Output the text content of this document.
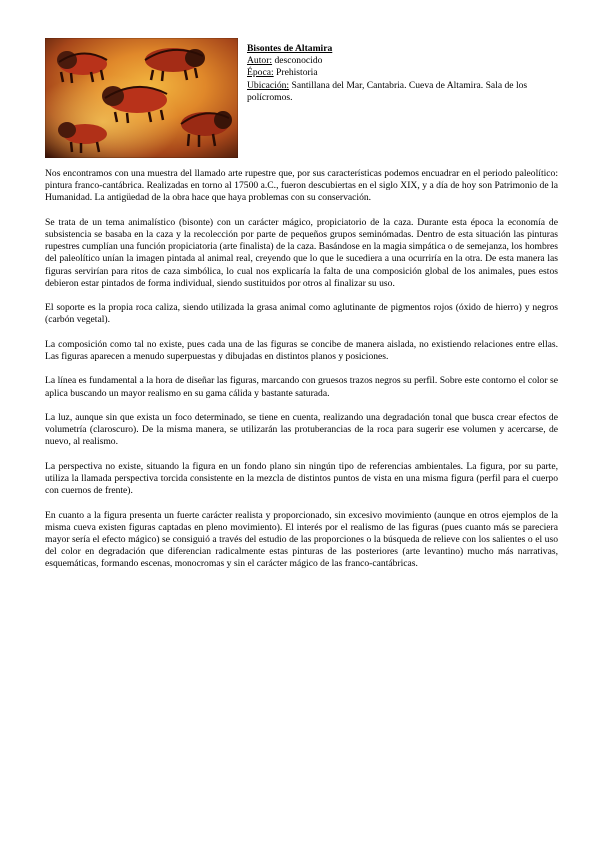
Bisontes de Altamira
Autor: desconocido
Época: Prehistoria
Ubicación: Santillana del Mar, Cantabria. Cueva de Altamira. Sala de los polícromos.

Nos encontramos con una muestra del llamado arte rupestre que, por sus características podemos encuadrar en el periodo paleolítico: pintura franco-cantábrica. Realizadas en torno al 17500 a.C., fueron descubiertas en el siglo XIX, y a día de hoy son Patrimonio de la Humanidad. La antigüedad de la obra hace que haya problemas con su conservación.

Se trata de un tema animalístico (bisonte) con un carácter mágico, propiciatorio de la caza. Durante esta época la economía de subsistencia se basaba en la caza y la recolección por parte de pequeños grupos seminómadas. Dentro de esta situación las pinturas rupestres cumplían una función propiciatoria (arte finalista) de la caza. Basándose en la magia simpática o de semejanza, los hombres del paleolítico unían la imagen pintada al animal real, creyendo que lo que le sucediera a una ocurriría en la otra. De esta manera las figuras servirían para ritos de caza simbólica, lo cual nos explicaría la falta de una composición global de los animales, pues estos debieron estar pintados de forma individual, siendo sustituidos por otros al finalizar su uso.

El soporte es la propia roca caliza, siendo utilizada la grasa animal como aglutinante de pigmentos rojos (óxido de hierro) y negros (carbón vegetal).

La composición como tal no existe, pues cada una de las figuras se concibe de manera aislada, no existiendo relaciones entre ellas. Las figuras aparecen a menudo superpuestas y dibujadas en distintos planos y posiciones.

La línea es fundamental a la hora de diseñar las figuras, marcando con gruesos trazos negros su perfil. Sobre este contorno el color se aplica buscando un mayor realismo en su gama cálida y bastante saturada.

La luz, aunque sin que exista un foco determinado, se tiene en cuenta, realizando una degradación tonal que busca crear efectos de volumetría (claroscuro). De la misma manera, se utilizarán las protuberancias de la roca para sugerir ese volumen y acercarse, de nuevo, al realismo.

La perspectiva no existe, situando la figura en un fondo plano sin ningún tipo de referencias ambientales. La figura, por su parte, utiliza la llamada perspectiva torcida consistente en la mezcla de distintos puntos de vista en una misma figura (perfil para el cuerpo con cuernos de frente).

En cuanto a la figura presenta un fuerte carácter realista y proporcionado, sin excesivo movimiento (aunque en otros ejemplos de la misma cueva existen figuras captadas en pleno movimiento). El interés por el realismo de las figuras (pues cuanto más se pareciera mayor sería el efecto mágico) se consiguió a través del estudio de las proporciones o la búsqueda de relieve con los salientes o el uso del color en degradación que diferencian radicalmente estas pinturas de las posteriores (arte levantino) mucho más narrativas, esquemáticas, formando escenas, monocromas y sin el carácter mágico de las franco-cantábricas.
